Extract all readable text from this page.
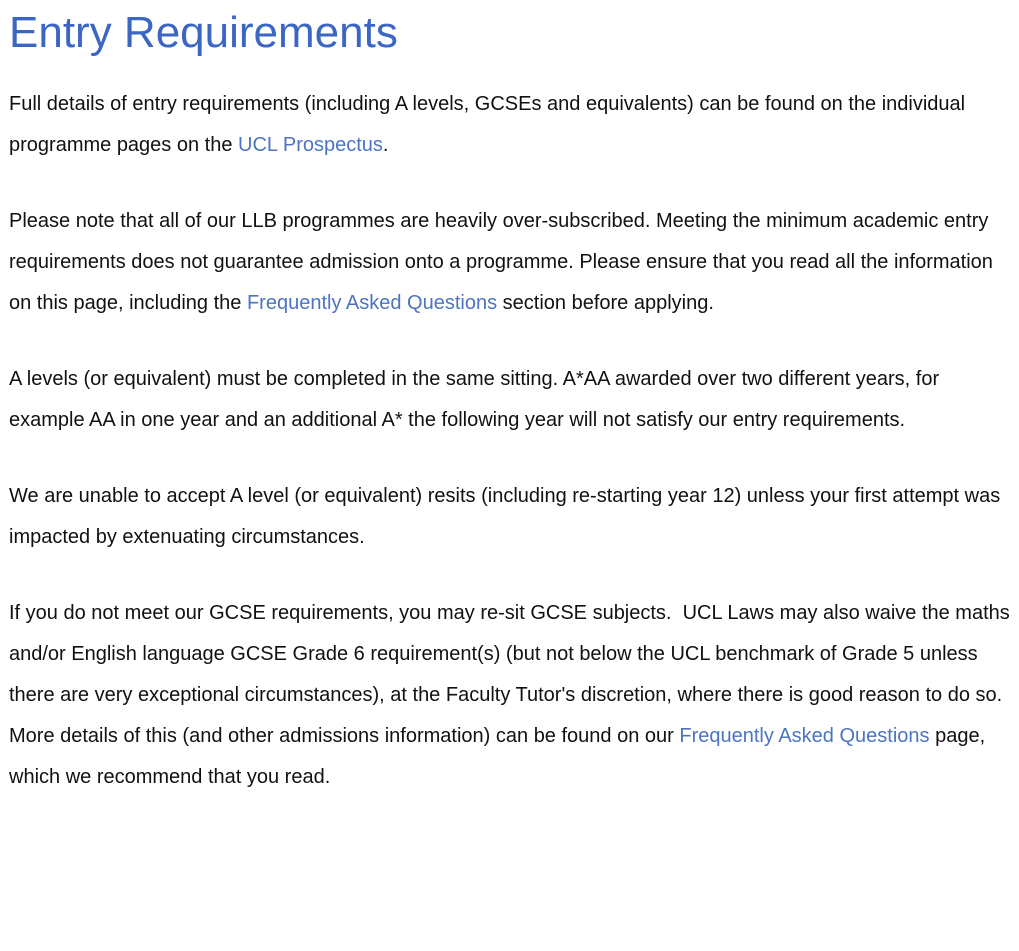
Entry Requirements

Full details of entry requirements (including A levels, GCSEs and equivalents) can be found on the individual programme pages on the UCL Prospectus.

Please note that all of our LLB programmes are heavily over-subscribed. Meeting the minimum academic entry requirements does not guarantee admission onto a programme. Please ensure that you read all the information on this page, including the Frequently Asked Questions section before applying.

A levels (or equivalent) must be completed in the same sitting. A*AA awarded over two different years, for example AA in one year and an additional A* the following year will not satisfy our entry requirements.

We are unable to accept A level (or equivalent) resits (including re-starting year 12) unless your first attempt was impacted by extenuating circumstances.

If you do not meet our GCSE requirements, you may re-sit GCSE subjects.  UCL Laws may also waive the maths and/or English language GCSE Grade 6 requirement(s) (but not below the UCL benchmark of Grade 5 unless there are very exceptional circumstances), at the Faculty Tutor's discretion, where there is good reason to do so. More details of this (and other admissions information) can be found on our Frequently Asked Questions page, which we recommend that you read.
